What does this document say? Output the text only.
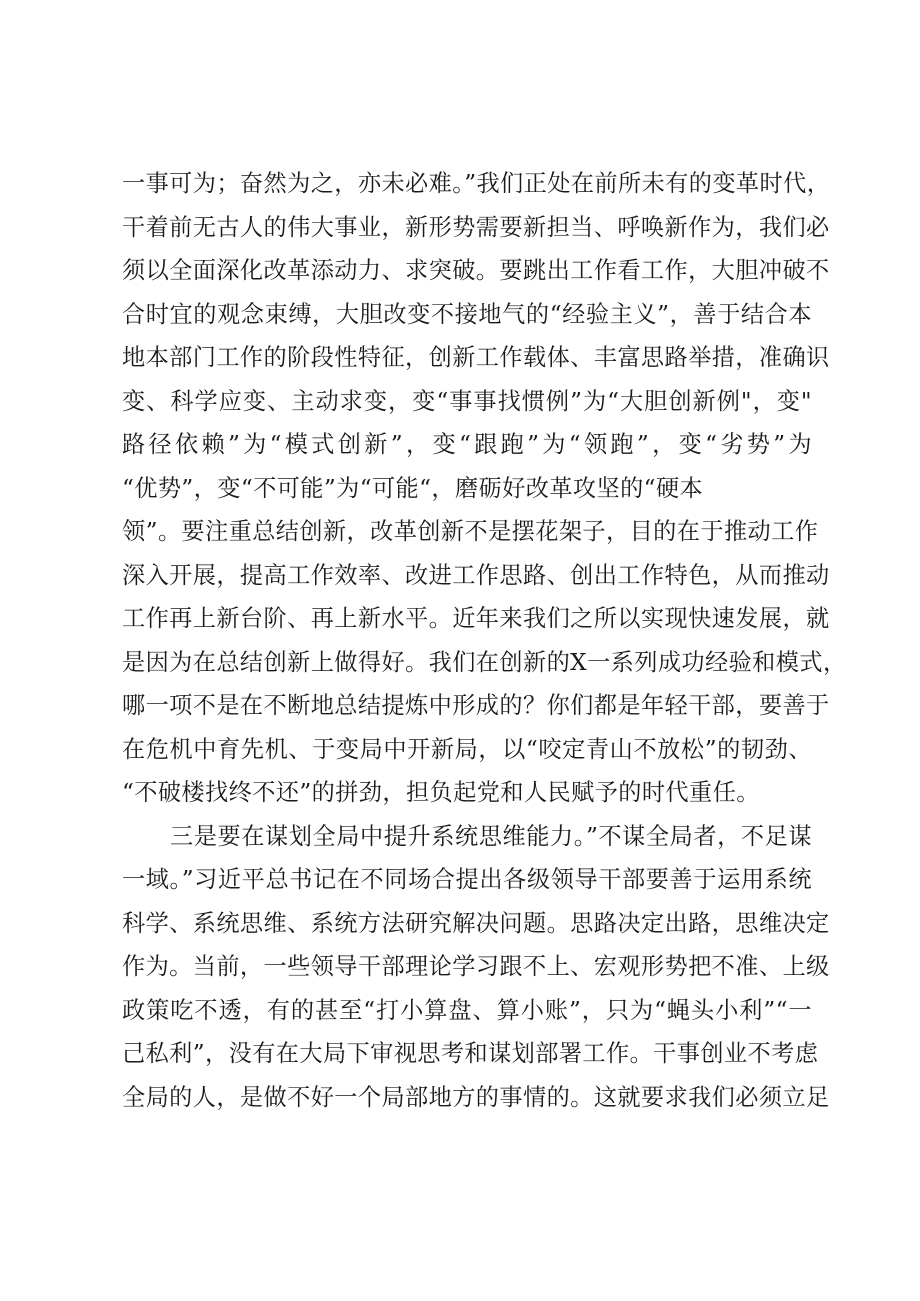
一事可为；奋然为之，亦未必难。”我们正处在前所未有的变革时代，
干着前无古人的伟大事业，新形势需要新担当、呼唤新作为，我们必
须以全面深化改革添动力、求突破。要跳出工作看工作，大胆冲破不
合时宜的观念束缚，大胆改变不接地气的“经验主义”，善于结合本
地本部门工作的阶段性特征，创新工作载体、丰富思路举措，准确识
变、科学应变、主动求变，变“事事找惯例”为“大胆创新例"，变"
路径依赖”为“模式创新”，变“跟跑”为“领跑”，变“劣势”为
“优势”，变“不可能”为“可能“，磨砺好改革攻坚的“硬本
领”。要注重总结创新，改革创新不是摆花架子，目的在于推动工作
深入开展，提高工作效率、改进工作思路、创出工作特色，从而推动
工作再上新台阶、再上新水平。近年来我们之所以实现快速发展，就
是因为在总结创新上做得好。我们在创新的X一系列成功经验和模式，
哪一项不是在不断地总结提炼中形成的？你们都是年轻干部，要善于
在危机中育先机、于变局中开新局，以“咬定青山不放松”的韧劲、
“不破楼找终不还”的拼劲，担负起党和人民赋予的时代重任。
三是要在谋划全局中提升系统思维能力。”不谋全局者，不足谋
一域。”习近平总书记在不同场合提出各级领导干部要善于运用系统
科学、系统思维、系统方法研究解决问题。思路决定出路，思维决定
作为。当前，一些领导干部理论学习跟不上、宏观形势把不准、上级
政策吃不透，有的甚至“打小算盘、算小账”，只为“蝇头小利”“一
己私利”，没有在大局下审视思考和谋划部署工作。干事创业不考虑
全局的人，是做不好一个局部地方的事情的。这就要求我们必须立足
